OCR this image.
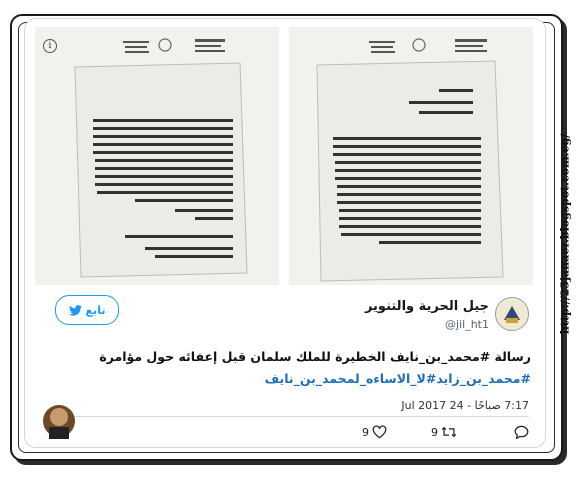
http://25janaer.blogspot.com.eg/
i
جيل الحرية والتنوير
@jil_ht1
تابع
رسالة #محمد_بن_نايف الخطيرة للملك سلمان قبل إعفائه حول مؤامرة
#محمد_بن_زايد#لا_الاساءه_لمحمد_بن_نايف
7:17 صباحًا - 24 Jul 2017
9
9
